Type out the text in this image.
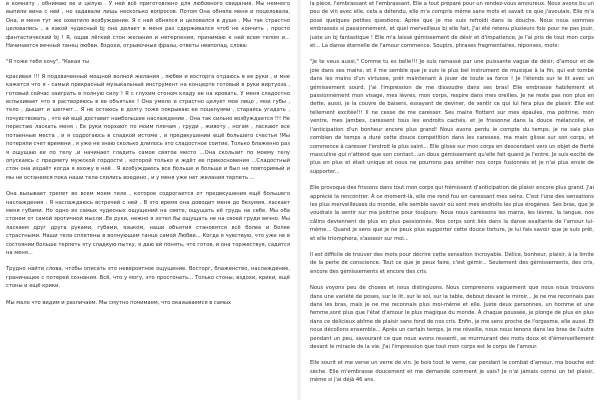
в комнату , обнимаю ее и целую . У ней всё приготовлено для любовного свидания. Мы немного выпили вина с ней , но задавали лишь несколько вопросов. Потом Она обняла меня и поцеловала, Она, и меня тут же охватило возбуждение. Я с ней обнялся и целовался в душе . Мы так страстно целовались , а какой чудесный bj она делает в меня раз сдерживался чтоб не кончить , просто фантастический bj ! Я, ощав лёгкий стон желания и нетерпения, принимаю к ней всем телом и... Начинается вечный танец любви. Вздохи, отрывочные фразы, ответы невпопад, слова:

"Я тоже тебя хочу", "Какая ты

красивая !!! Я подхваченный мощной волной желания , любви и восторга отдаюсь в ее руки , и мне кажется что я - самый прекрасный музыкальный инструмент на концерте готовый в руки виртуоза , готовый сейчас заиграть в полную силу ! Я с глухим стоном кладу ее на кровать. У меня сладостно вспыхивает что я растворяюсь в ее объятьях ! Она умело и страстно целует мое лицо , мои губы , тело , дышит и шепчет... Я не остаюсь в долгу тоже покрываю ее поцелуями , стараясь угадать , почувствовать , что ей ещё доставит наибольшее наслаждение . Она так сильно возбуждается !!! Не перестаю ласкать меня : Ее руки порхают по моим плечам , груди , животу , ногам , ласкают все потаенные места , и я содрогаюсь в сладкой истоме , и предвкушении ещё большего счастья !Мы потеряли счет времени , я уже не знаю сколько длилось это сладостное соитие. Только блаженно раз я ощущаю ее по телу ,и начинает гладить самое святое место ...Она скользит по моему телу опускаясь с предмету мужской гордости , которой только и ждёт ее прикосновения ...Сладостный стон она издаёт когда я вхожу в неё . Я возбуждаюсь все больше и больше и был не повторимый и мы не останемся пока наши тела слились воедино , и у меня уже нет желания терпеть ...

Она вызывает трепет во всем моем теле , которое содрогается от предвкушения ещё большего наслаждения . Я наслаждаюсь встречей с ней . В это время она доводит меня до безумия, ласкает меня губами. Но одно из самых чудесных ощущений на свете, ощущать её грудь на себе. Мы оба стонем от самой эротичной мысли .Ее руки, нежно я хотел бы ощущать не на своей груди вечно. Мы ласкаем друг друга руками, губами, языком, наши объятия становятся всё более и более страстными. Наши тела сплетены в волнующем танце самой Любви... Когда я чувствую, что уже не в состоянии больше терпеть эту сладкую пытку, я даю ей понять, что готов, и она торжествуя, садится на меня...

Трудно найти слова, чтобы описать это невероятное ощущение. Восторг, блаженство, наслаждение, граничащее с потерей сознания. Всё, что у могу, это простонать... Только стоны, вздохи, крики, ещё стоны и ещё крики.

Мы мало что видим и различаем. Мы смутно понимаем, что оказываемся в самых

la pièce, l'embrassant et l'embrassant. Elle a tout préparé pour un rendez-vous amoureux. Nous avons bu un peu de vin avec elle, cela a détendu, elle m'a compris même sans mots et savait ce que j'avoulais. Elle m'a posé quelques petites questions. Après que je me suis refroidi dans la douche. Nous nous sommes embrassés si passionnément, et quel merveilleux bj elle fait, J'ai été retenu plusieurs fois pour ne pas jouir, juste un bj fantastique ! Elle m'a laissé gémissement de désir et d'impatience, je l'ai pris de tout mon corps et... La danse éternelle de l'amour commence. Soupirs, phrases fragmentaires, réponses, mots:

"Je te veux aussi," Comme tu es belle!!! Je suis ramassé par une puissante vague de désir, d'amour et de joie dans ses mains, et il me semble que je suis le plus bel instrument de musique à la fin, qui est tombé dans les mains d'un virtuose, prêt maintenant à jouer de toute sa force ! Je l'étends sur le lit avec un gémissement sourd. J'ai l'impression de me dissoudre dans ses bras! Elle embrasse habilement et passionnément mon visage, mes lèvres, mon corps, respire dans mes oreilles. Je ne reste pas non plus en dette, aussi, je la couvre de baisers, essayant de deviner, de sentir ce qui lui fera plus de plaisir. Elle est tellement excitée!!! Il ne cesse de me caresser. Ses mains flottent sur mes épaules, ma poitrine, mon ventre, mes jambes, caressent tous les endroits cachés, et je frissonne dans la douce mélancolie, et l'anticipation d'un bonheur encore plus grand! Nous avons perdu le compte du temps, je ne sais plus combien de temps a duré cette douce compétition dans les caresses, ma main glisse sur son corps, et commence à caresser l'endroit le plus saint... Elle glisse sur mon corps en descendant vers un objet de fierté masculine qui n'attend que son contact...un doux gémissement qu'elle fait quand je l'entre. Je suis excité de plus en plus et était unique et nous ne pourrons pas arrêter nos corps fusionnés et je n'ai plus envie de supporter...

Elle provoque des frissons dans tout mon corps qui frémissent d'anticipation de plaisir encore plus grand. J'ai apprécié la rencontrer. À ce moment-là, elle me rend fou en caressant mes seins. C'est l'une des sensations les plus merveilleuses du monde, elle semble savoir où sont mes endroits les plus érogènes. Ses bras, que je voudrais la sentir sur ma poitrine pour toujours. Nous nous caressons les mains, les lèvres, la langue, nos câlins deviennent de plus en plus passionnés. Nos corps sont liés dans la danse exaltante de l'amour lui-même... Quand je sens que je ne peux plus supporter cette douce torture, je lui fais savoir que je suis prêt, et elle triomphera, s'asseoir sur moi...

Il est difficile de trouver des mots pour décrire cette sensation incroyable. Délice, bonheur, plaisir, à la limite de la perte de conscience. Tout ce que je peux faire, c'est gémir... Seulement des gémissements, des cris, encore des gémissements et encore des cris.

Nous voyons peu de choses et nous distinguons. Nous comprenons vaguement que nous nous trouvons dans une variété de poses, sur le lit, sur le sol, sur la table, debout devant le miroir... Je ne me reconnais pas dans les bras, mais je ne me reconnais plus moi-même et elle. Juste deux personnes, un homme et une femme,sont plus que l'état d'amour le plus magique du monde. À chaque poussée, je plonge de plus en plus dans ce délicieux abîme de plaisir sans fond de nos cris. Enfin, je me sens proche de l'orgasme, elle aussi. Et nous décollons ensemble... Après un certain temps, je me réveille, nous nous tenons dans les bras de l'autre pendant un peu, savourant ce que nous avons ressenti, se murmurant des mots doux et d'émerveillement devant le miracle de la vie. J'ai l'impression que tout mon corps est le corps de l'amour.

Elle sourit et me verse un verre de vin. Je bois tout le verre, car pendant le combat d'amour, ma bouche est sèche. Elle m'embrasse doucement et me demande comment je vais? Je n'ai jamais connu un tel plaisir, même si j'ai déjà 46 ans.
